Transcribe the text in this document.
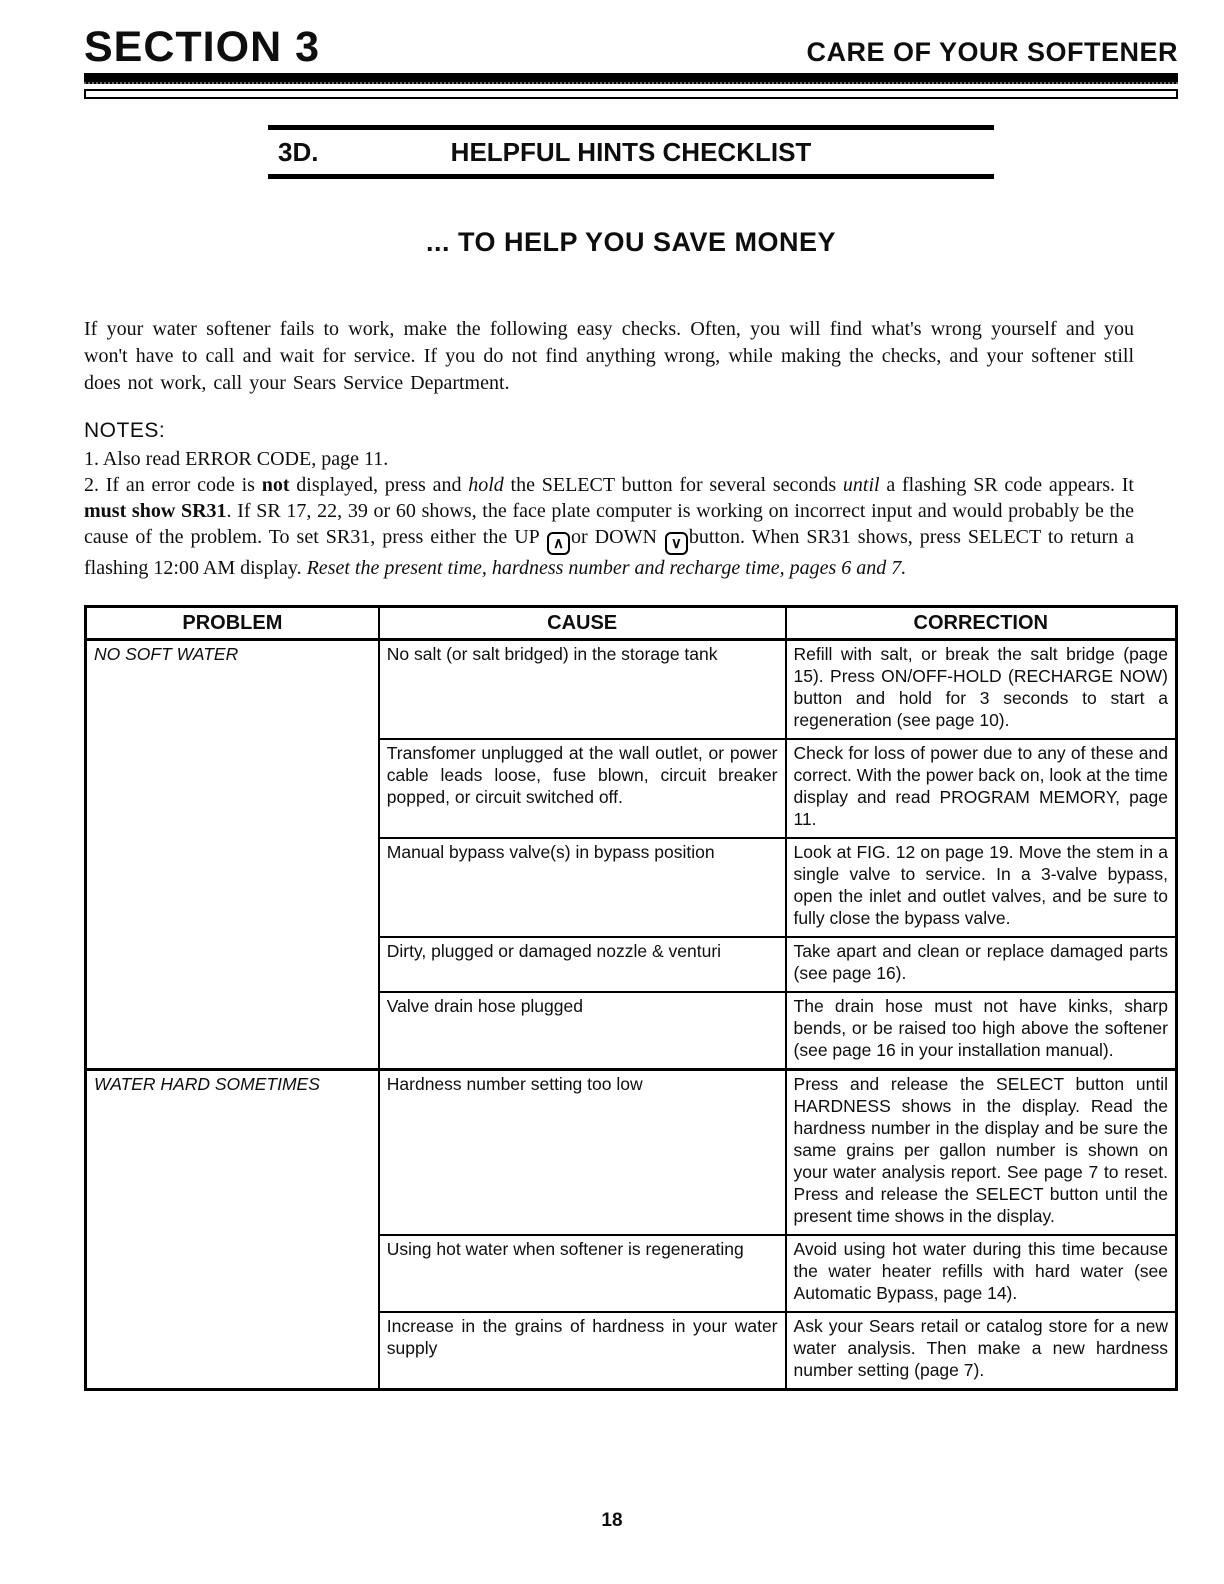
SECTION 3	CARE OF YOUR SOFTENER
3D.	HELPFUL HINTS CHECKLIST
... TO HELP YOU SAVE MONEY

If your water softener fails to work, make the following easy checks. Often, you will find what's wrong yourself and you won't have to call and wait for service. If you do not find anything wrong, while making the checks, and your softener still does not work, call your Sears Service Department.

NOTES:

1. Also read ERROR CODE, page 11.

2. If an error code is not displayed, press and hold the SELECT button for several seconds until a flashing SR code appears. It must show SR31. If SR 17, 22, 39 or 60 shows, the face plate computer is working on incorrect input and would probably be the cause of the problem. To set SR31, press either the UP ∧ or DOWN ∨ button. When SR31 shows, press SELECT to return a flashing 12:00 AM display. Reset the present time, hardness number and recharge time, pages 6 and 7.

PROBLEM	CAUSE	CORRECTION
NO SOFT WATER	No salt (or salt bridged) in the storage tank	Refill with salt, or break the salt bridge (page 15). Press ON/OFF-HOLD (RECHARGE NOW) button and hold for 3 seconds to start a regeneration (see page 10).
	Transfomer unplugged at the wall outlet, or power cable leads loose, fuse blown, circuit breaker popped, or circuit switched off.	Check for loss of power due to any of these and correct. With the power back on, look at the time display and read PROGRAM MEMORY, page 11.
	Manual bypass valve(s) in bypass position	Look at FIG. 12 on page 19. Move the stem in a single valve to service. In a 3-valve bypass, open the inlet and outlet valves, and be sure to fully close the bypass valve.
	Dirty, plugged or damaged nozzle & venturi	Take apart and clean or replace damaged parts (see page 16).
	Valve drain hose plugged	The drain hose must not have kinks, sharp bends, or be raised too high above the softener (see page 16 in your installation manual).
WATER HARD SOMETIMES	Hardness number setting too low	Press and release the SELECT button until HARDNESS shows in the display. Read the hardness number in the display and be sure the same grains per gallon number is shown on your water analysis report. See page 7 to reset. Press and release the SELECT button until the present time shows in the display.
	Using hot water when softener is regenerating	Avoid using hot water during this time because the water heater refills with hard water (see Automatic Bypass, page 14).
	Increase in the grains of hardness in your water supply	Ask your Sears retail or catalog store for a new water analysis. Then make a new hardness number setting (page 7).
18
